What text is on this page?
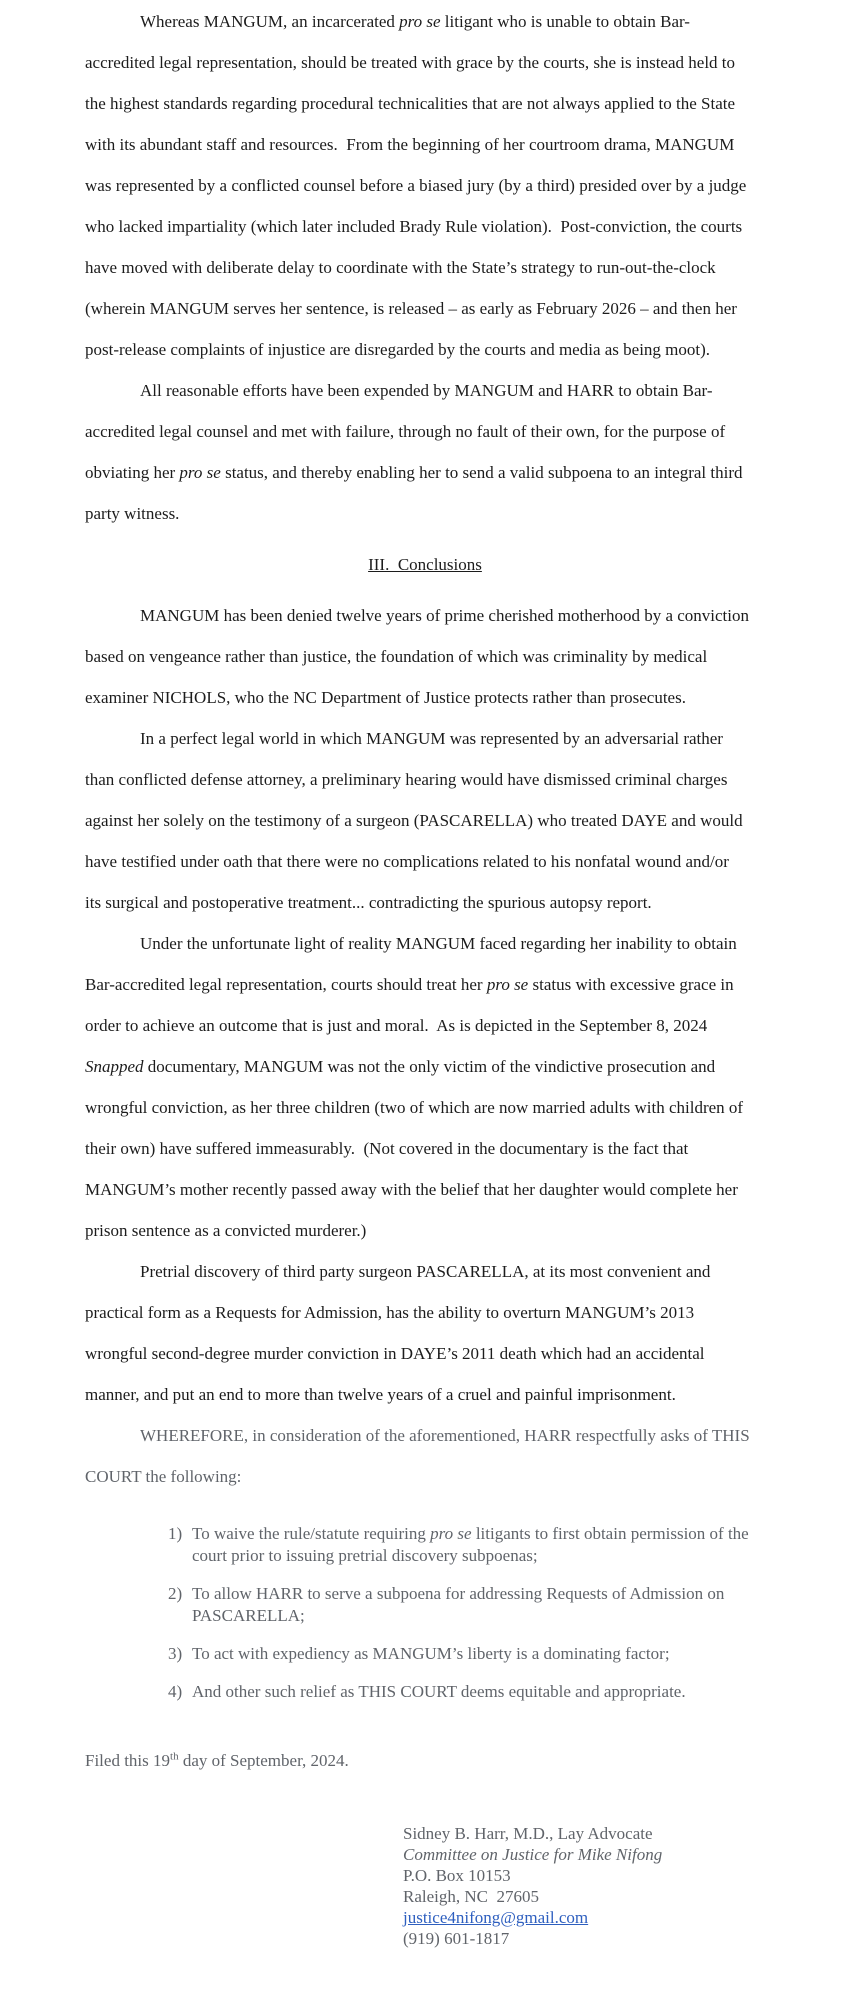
Whereas MANGUM, an incarcerated pro se litigant who is unable to obtain Bar-
accredited legal representation, should be treated with grace by the courts, she is instead held to
the highest standards regarding procedural technicalities that are not always applied to the State
with its abundant staff and resources.  From the beginning of her courtroom drama, MANGUM
was represented by a conflicted counsel before a biased jury (by a third) presided over by a judge
who lacked impartiality (which later included Brady Rule violation).  Post-conviction, the courts
have moved with deliberate delay to coordinate with the State’s strategy to run-out-the-clock
(wherein MANGUM serves her sentence, is released – as early as February 2026 – and then her
post-release complaints of injustice are disregarded by the courts and media as being moot).
All reasonable efforts have been expended by MANGUM and HARR to obtain Bar-
accredited legal counsel and met with failure, through no fault of their own, for the purpose of
obviating her pro se status, and thereby enabling her to send a valid subpoena to an integral third
party witness.
III.  Conclusions
MANGUM has been denied twelve years of prime cherished motherhood by a conviction
based on vengeance rather than justice, the foundation of which was criminality by medical
examiner NICHOLS, who the NC Department of Justice protects rather than prosecutes.
In a perfect legal world in which MANGUM was represented by an adversarial rather
than conflicted defense attorney, a preliminary hearing would have dismissed criminal charges
against her solely on the testimony of a surgeon (PASCARELLA) who treated DAYE and would
have testified under oath that there were no complications related to his nonfatal wound and/or
its surgical and postoperative treatment... contradicting the spurious autopsy report.
Under the unfortunate light of reality MANGUM faced regarding her inability to obtain
Bar-accredited legal representation, courts should treat her pro se status with excessive grace in
order to achieve an outcome that is just and moral.  As is depicted in the September 8, 2024
Snapped documentary, MANGUM was not the only victim of the vindictive prosecution and
wrongful conviction, as her three children (two of which are now married adults with children of
their own) have suffered immeasurably.  (Not covered in the documentary is the fact that
MANGUM’s mother recently passed away with the belief that her daughter would complete her
prison sentence as a convicted murderer.)
Pretrial discovery of third party surgeon PASCARELLA, at its most convenient and
practical form as a Requests for Admission, has the ability to overturn MANGUM’s 2013
wrongful second-degree murder conviction in DAYE’s 2011 death which had an accidental
manner, and put an end to more than twelve years of a cruel and painful imprisonment.
WHEREFORE, in consideration of the aforementioned, HARR respectfully asks of THIS
COURT the following:
1) To waive the rule/statute requiring pro se litigants to first obtain permission of the
court prior to issuing pretrial discovery subpoenas;
2) To allow HARR to serve a subpoena for addressing Requests of Admission on
PASCARELLA;
3) To act with expediency as MANGUM’s liberty is a dominating factor;
4) And other such relief as THIS COURT deems equitable and appropriate.
Filed this 19th day of September, 2024.
Sidney B. Harr, M.D., Lay Advocate
Committee on Justice for Mike Nifong
P.O. Box 10153
Raleigh, NC  27605
justice4nifong@gmail.com
(919) 601-1817
